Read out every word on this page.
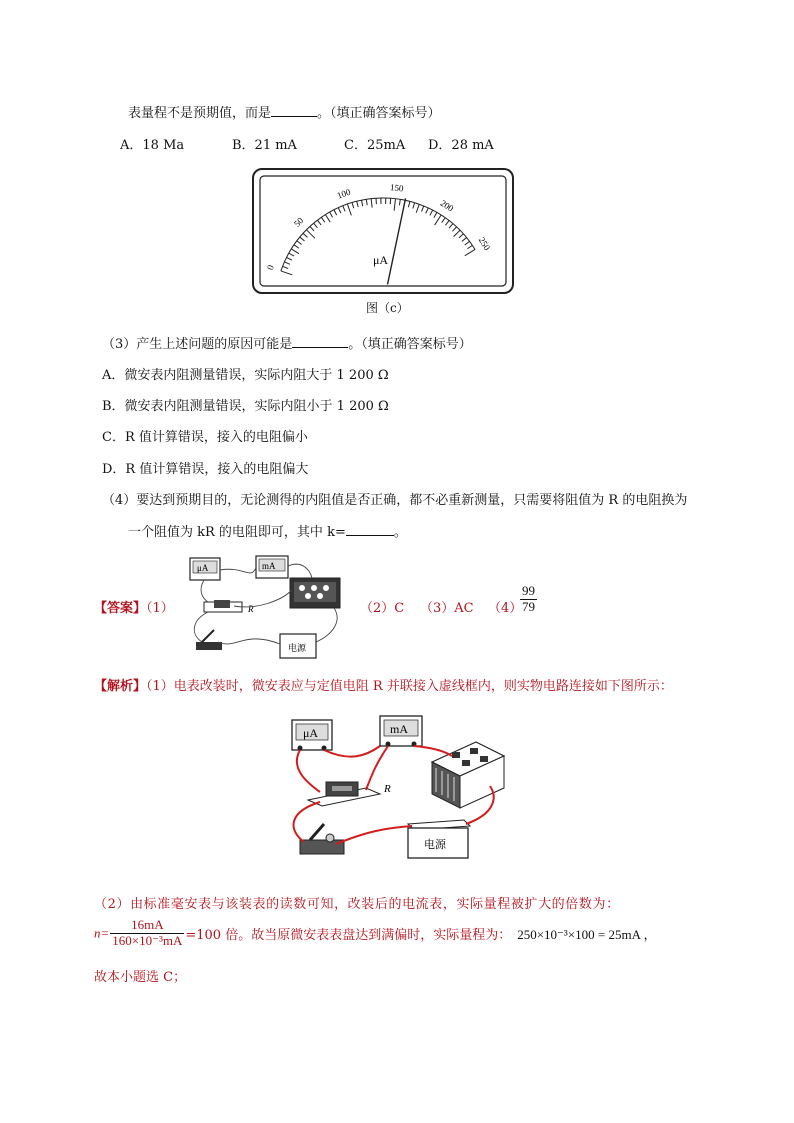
表量程不是预期值，而是	。（填正确答案标号）
A．18 Ma	B．21 mA	C．25mA D．28 mA
0
50
100	150
200
250
μA
图（c）
（3）产生上述问题的原因可能是	。（填正确答案标号）
A．微安表内阻测量错误，实际内阻大于 1 200 Ω
B．微安表内阻测量错误，实际内阻小于 1 200 Ω
C．R 值计算错误，接入的电阻偏小
D．R 值计算错误，接入的电阻偏大
（4）要达到预期目的，无论测得的内阻值是否正确，都不必重新测量，只需要将阻值为 R 的电阻换为
一个阻值为 kR 的电阻即可，其中 k=	。
【答案】（1）
μA	mA
R
电源
（2）C （3）AC （4）
$\frac{99}{79}$
【解析】（1）电表改装时，微安表应与定值电阻 R 并联接入虚线框内，则实物电路连接如下图所示：
μA	mA
R
电源
（2）由标准毫安表与该装表的读数可知，改装后的电流表，实际量程被扩大的倍数为：
$n= \frac{16mA}{\text{160×10⁻³mA}} =100$ 倍。故当原微安表表盘达到满偏时，实际量程为： 250×10⁻³×100 = 25mA ，
故本小题选 C；
